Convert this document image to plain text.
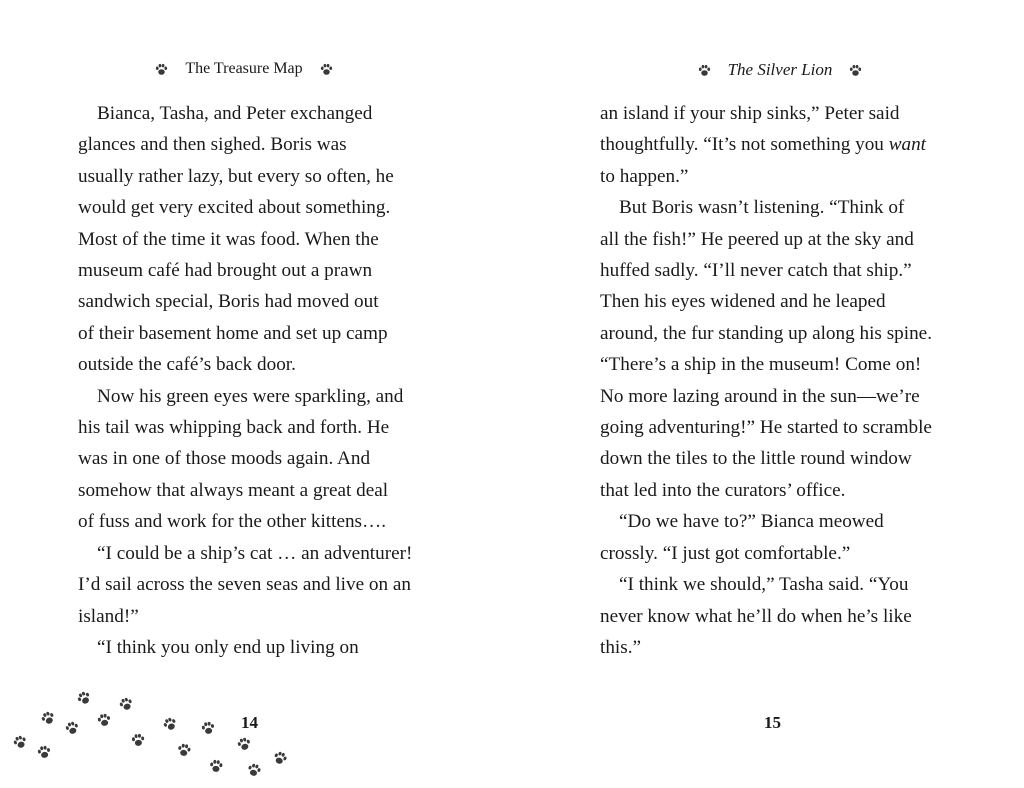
The Treasure Map
Bianca, Tasha, and Peter exchanged
glances and then sighed. Boris was
usually rather lazy, but every so often, he
would get very excited about something.
Most of the time it was food. When the
museum café had brought out a prawn
sandwich special, Boris had moved out
of their basement home and set up camp
outside the café’s back door.
Now his green eyes were sparkling, and
his tail was whipping back and forth. He
was in one of those moods again. And
somehow that always meant a great deal
of fuss and work for the other kittens….
“I could be a ship’s cat … an adventurer!
I’d sail across the seven seas and live on an
island!”
“I think you only end up living on
14
The Silver Lion
an island if your ship sinks,” Peter said
thoughtfully. “It’s not something you want
to happen.”
But Boris wasn’t listening. “Think of
all the fish!” He peered up at the sky and
huffed sadly. “I’ll never catch that ship.”
Then his eyes widened and he leaped
around, the fur standing up along his spine.
“There’s a ship in the museum! Come on!
No more lazing around in the sun—we’re
going adventuring!” He started to scramble
down the tiles to the little round window
that led into the curators’ office.
“Do we have to?” Bianca meowed
crossly. “I just got comfortable.”
“I think we should,” Tasha said. “You
never know what he’ll do when he’s like
this.”
15
